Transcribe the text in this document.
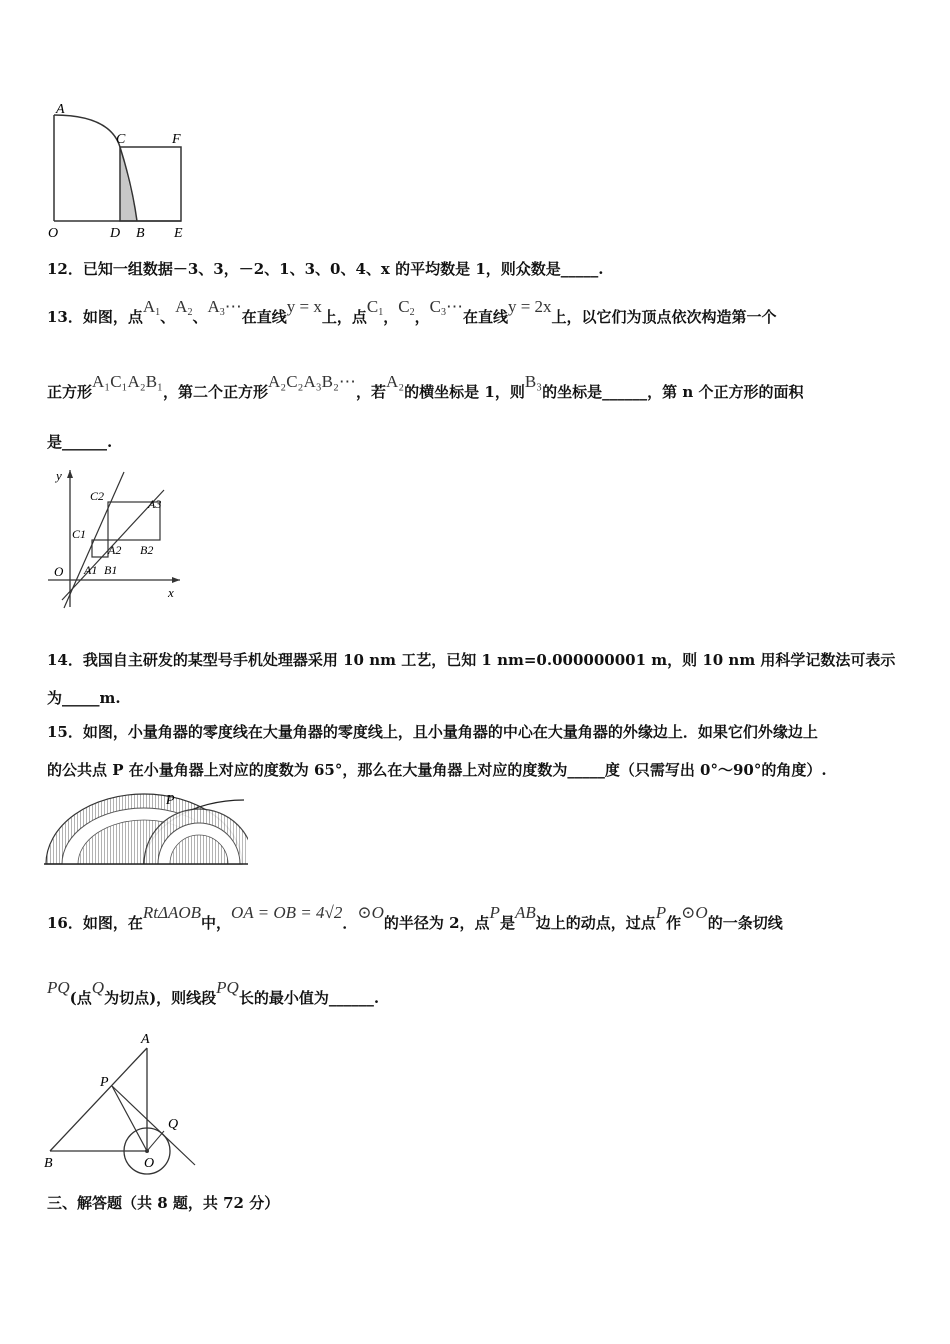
A
C	F
O	D B E
12．已知一组数据－3、3，－2、1、3、0、4、x 的平均数是 1，则众数是_____.
13．如图，点A1、A2、A3⋯在直线y = x上，点C1，C2，C3⋯在直线y = 2x上，以它们为顶点依次构造第一个
正方形A₁C₁A₂B₁，第二个正方形A₂C₂A₃B₂⋯，若A₂的横坐标是 1，则B₃的坐标是______，第 n 个正方形的面积
是______.
y
x
O
C2
A3
C1
A2 B2
A1 B1
14．我国自主研发的某型号手机处理器采用 10 nm 工艺，已知 1 nm=0.000000001 m，则 10 nm 用科学记数法可表示
为_____m.
15．如图，小量角器的零度线在大量角器的零度线上，且小量角器的中心在大量角器的外缘边上．如果它们外缘边上
的公共点 P 在小量角器上对应的度数为 65°，那么在大量角器上对应的度数为_____度（只需写出 0°～90°的角度）.
P
16．如图，在RtΔAOB中，OA = OB = 4√2．⊙O的半径为 2，点P是AB边上的动点，过点P作⊙O的一条切线
PQ(点Q为切点)，则线段PQ长的最小值为______.
A
P
Q
B	O
三、解答题（共 8 题，共 72 分）
